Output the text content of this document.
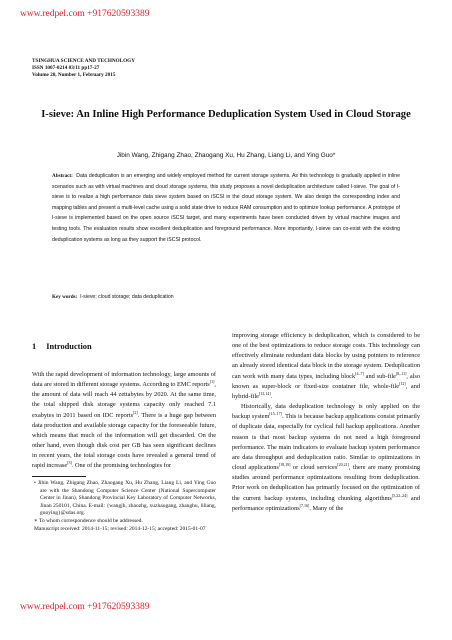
www.redpel.com +917620593389
TSINGHUA SCIENCE AND TECHNOLOGY
ISSN 1007-0214 03/11 pp17-27
Volume 20, Number 1, February 2015
I-sieve: An Inline High Performance Deduplication System Used in Cloud Storage
Jibin Wang, Zhigang Zhao, Zhaogang Xu, Hu Zhang, Liang Li, and Ying Guo*
Abstract: Data deduplication is an emerging and widely employed method for current storage systems. As this technology is gradually applied in inline scenarios such as with virtual machines and cloud storage systems, this study proposes a novel deduplication architecture called I-sieve. The goal of I-sieve is to realize a high performance data sieve system based on iSCSI in the cloud storage system. We also design the corresponding index and mapping tables and present a multi-level cache using a solid state drive to reduce RAM consumption and to optimize lookup performance. A prototype of I-sieve is implemented based on the open source iSCSI target, and many experiments have been conducted driven by virtual machine images and testing tools. The evaluation results show excellent deduplication and foreground performance. More importantly, I-sieve can co-exist with the existing deduplication systems as long as they support the iSCSI protocol.
Key words: I-sieve; cloud storage; data deduplication
1 Introduction
With the rapid development of information technology, large amounts of data are stored in different storage systems. According to EMC reports[1], the amount of data will reach 44 zettabytes by 2020. At the same time, the total shipped disk storage systems capacity only reached 7.1 exabytes in 2011 based on IDC reports[2]. There is a huge gap between data production and available storage capacity for the foreseeable future, which means that much of the information will get discarded. On the other hand, even though disk cost per GB has seen significant declines in recent years, the total storage costs have revealed a general trend of rapid increase[3]. One of the promising technologies for
• Jibin Wang, Zhigang Zhao, Zhaogang Xu, Hu Zhang, Liang Li, and Ying Guo are with the Shandong Computer Science Center (National Supercomputer Center in Jinan), Shandong Provincial Key Laboratory of Computer Networks, Jinan 250101, China. E-mail: {wangjb, zhaozhg, xuzhaogang, zhanghu, liliang, guoying}@sdas.org.
∗ To whom correspondence should be addressed.
Manuscript received: 2014-11-15; revised: 2014-12-15; accepted: 2015-01-07
improving storage efficiency is deduplication, which is considered to be one of the best optimizations to reduce storage costs. This technology can effectively eliminate redundant data blocks by using pointers to reference an already stored identical data block in the storage system. Deduplication can work with many data types, including block[4–7] and sub-file[8–11], also known as super-block or fixed-size container file, whole-file[12], and hybrid-file[13,14].
Historically, data deduplication technology is only applied on the backup system[15–17]. This is because backup applications consist primarily of duplicate data, especially for cyclical full backup applications. Another reason is that most backup systems do not need a high foreground performance. The main indicators to evaluate backup system performance are data throughput and deduplication ratio. Similar to optimizations in cloud applications[18,19] or cloud services[20,21], there are many promising studies around performance optimizations resulting from deduplication. Prior work on deduplication has primarily focused on the optimization of the current backup systems, including chunking algorithms[5,22–24] and performance optimizations[7,16]. Many of the
www.redpel.com +917620593389
